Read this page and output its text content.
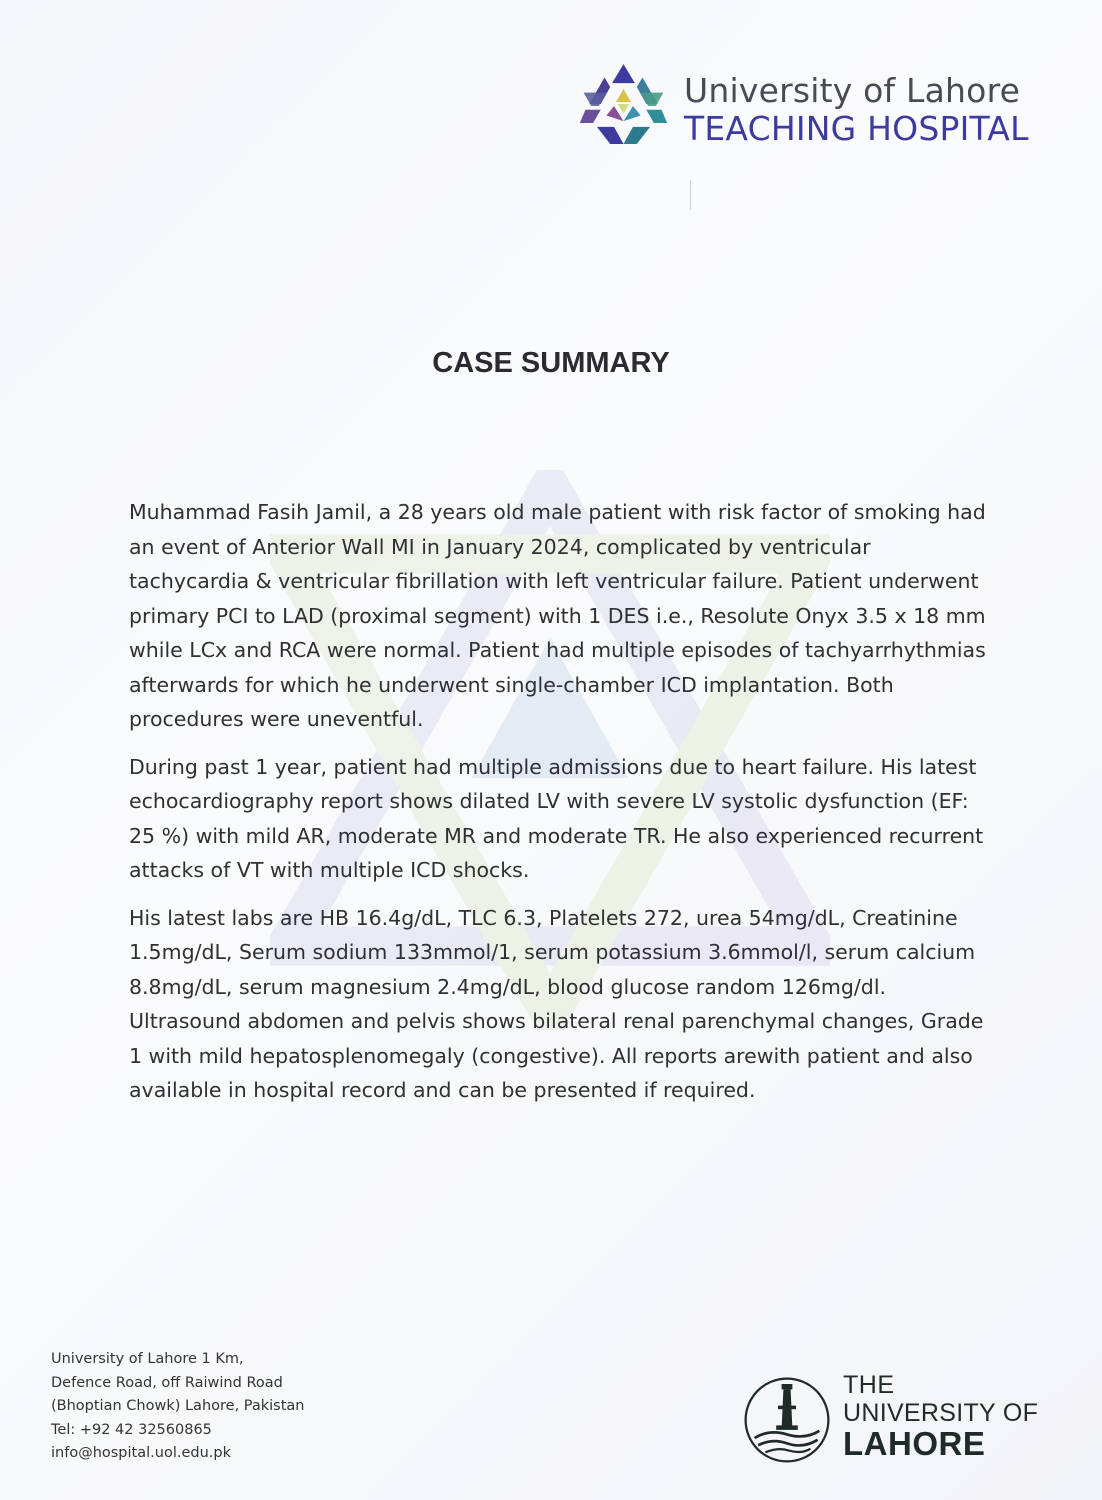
University of Lahore
TEACHING HOSPITAL
CASE SUMMARY

Muhammad Fasih Jamil, a 28 years old male patient with risk factor of smoking had an event of Anterior Wall MI in January 2024, complicated by ventricular tachycardia & ventricular fibrillation with left ventricular failure. Patient underwent primary PCI to LAD (proximal segment) with 1 DES i.e., Resolute Onyx 3.5 x 18 mm while LCx and RCA were normal. Patient had multiple episodes of tachyarrhythmias afterwards for which he underwent single-chamber ICD implantation. Both procedures were uneventful.

During past 1 year, patient had multiple admissions due to heart failure. His latest echocardiography report shows dilated LV with severe LV systolic dysfunction (EF: 25 %) with mild AR, moderate MR and moderate TR. He also experienced recurrent attacks of VT with multiple ICD shocks.

His latest labs are HB 16.4g/dL, TLC 6.3, Platelets 272, urea 54mg/dL, Creatinine 1.5mg/dL, Serum sodium 133mmol/1, serum potassium 3.6mmol/l, serum calcium 8.8mg/dL, serum magnesium 2.4mg/dL, blood glucose random 126mg/dl. Ultrasound abdomen and pelvis shows bilateral renal parenchymal changes, Grade 1 with mild hepatosplenomegaly (congestive). All reports arewith patient and also available in hospital record and can be presented if required.

University of Lahore 1 Km,
Defence Road, off Raiwind Road
(Bhoptian Chowk) Lahore, Pakistan
Tel: +92 42 32560865
info@hospital.uol.edu.pk
THE
UNIVERSITY OF
LAHORE
